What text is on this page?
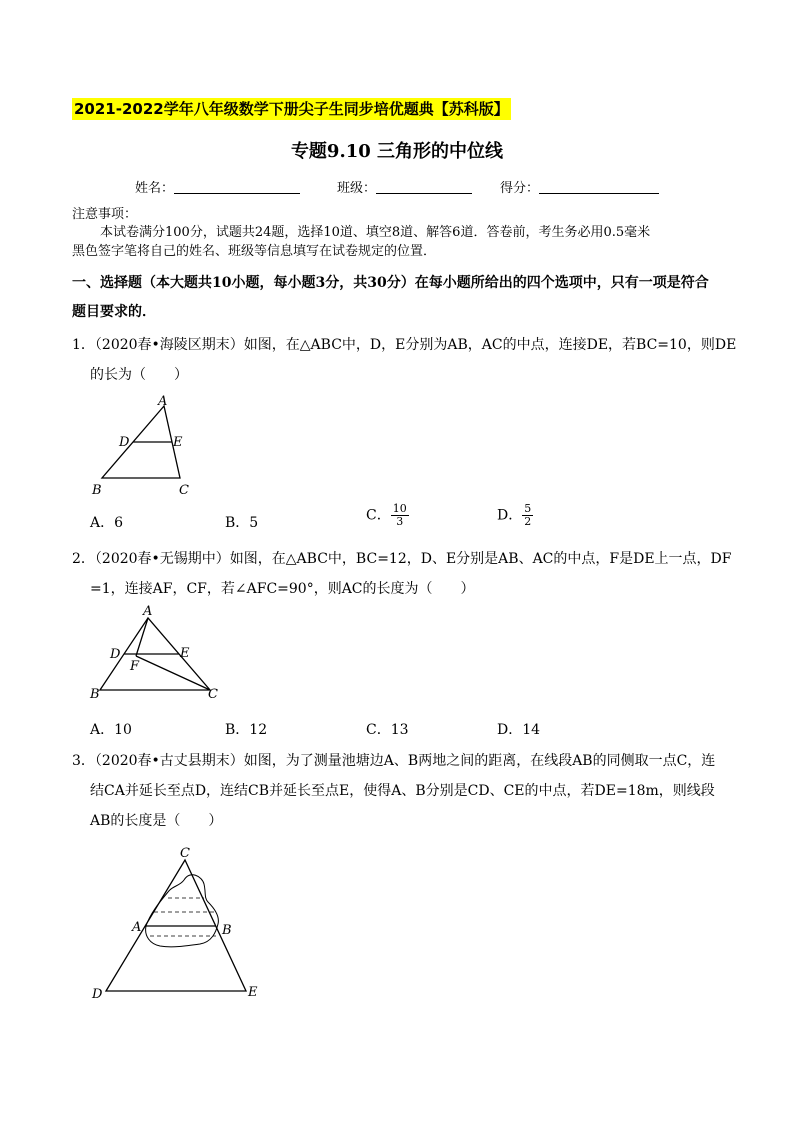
2021-2022学年八年级数学下册尖子生同步培优题典【苏科版】
专题9.10 三角形的中位线
姓名：	班级：	得分：
注意事项：
本试卷满分100分，试题共24题，选择10道、填空8道、解答6道．答卷前，考生务必用0.5毫米
黑色签字笔将自己的姓名、班级等信息填写在试卷规定的位置．
一、选择题（本大题共10小题，每小题3分，共30分）在每小题所给出的四个选项中，只有一项是符合
题目要求的．
1．（2020春•海陵区期末）如图，在△ABC中，D，E分别为AB，AC的中点，连接DE，若BC=10，则DE
的长为（　　）
A
D	E
B	C
A．6	B．5	C． $\frac{10}{3}$	D． $\frac{5}{2}$
2．（2020春•无锡期中）如图，在△ABC中，BC=12，D、E分别是AB、AC的中点，F是DE上一点，DF
=1，连接AF，CF，若∠AFC=90°，则AC的长度为（　　）
A
D	E
F
B	C
A．10	B．12	C．13	D．14
3．（2020春•古丈县期末）如图，为了测量池塘边A、B两地之间的距离，在线段AB的同侧取一点C，连
结CA并延长至点D，连结CB并延长至点E，使得A、B分别是CD、CE的中点，若DE=18m，则线段
AB的长度是（　　）
C
A	B
D	E
